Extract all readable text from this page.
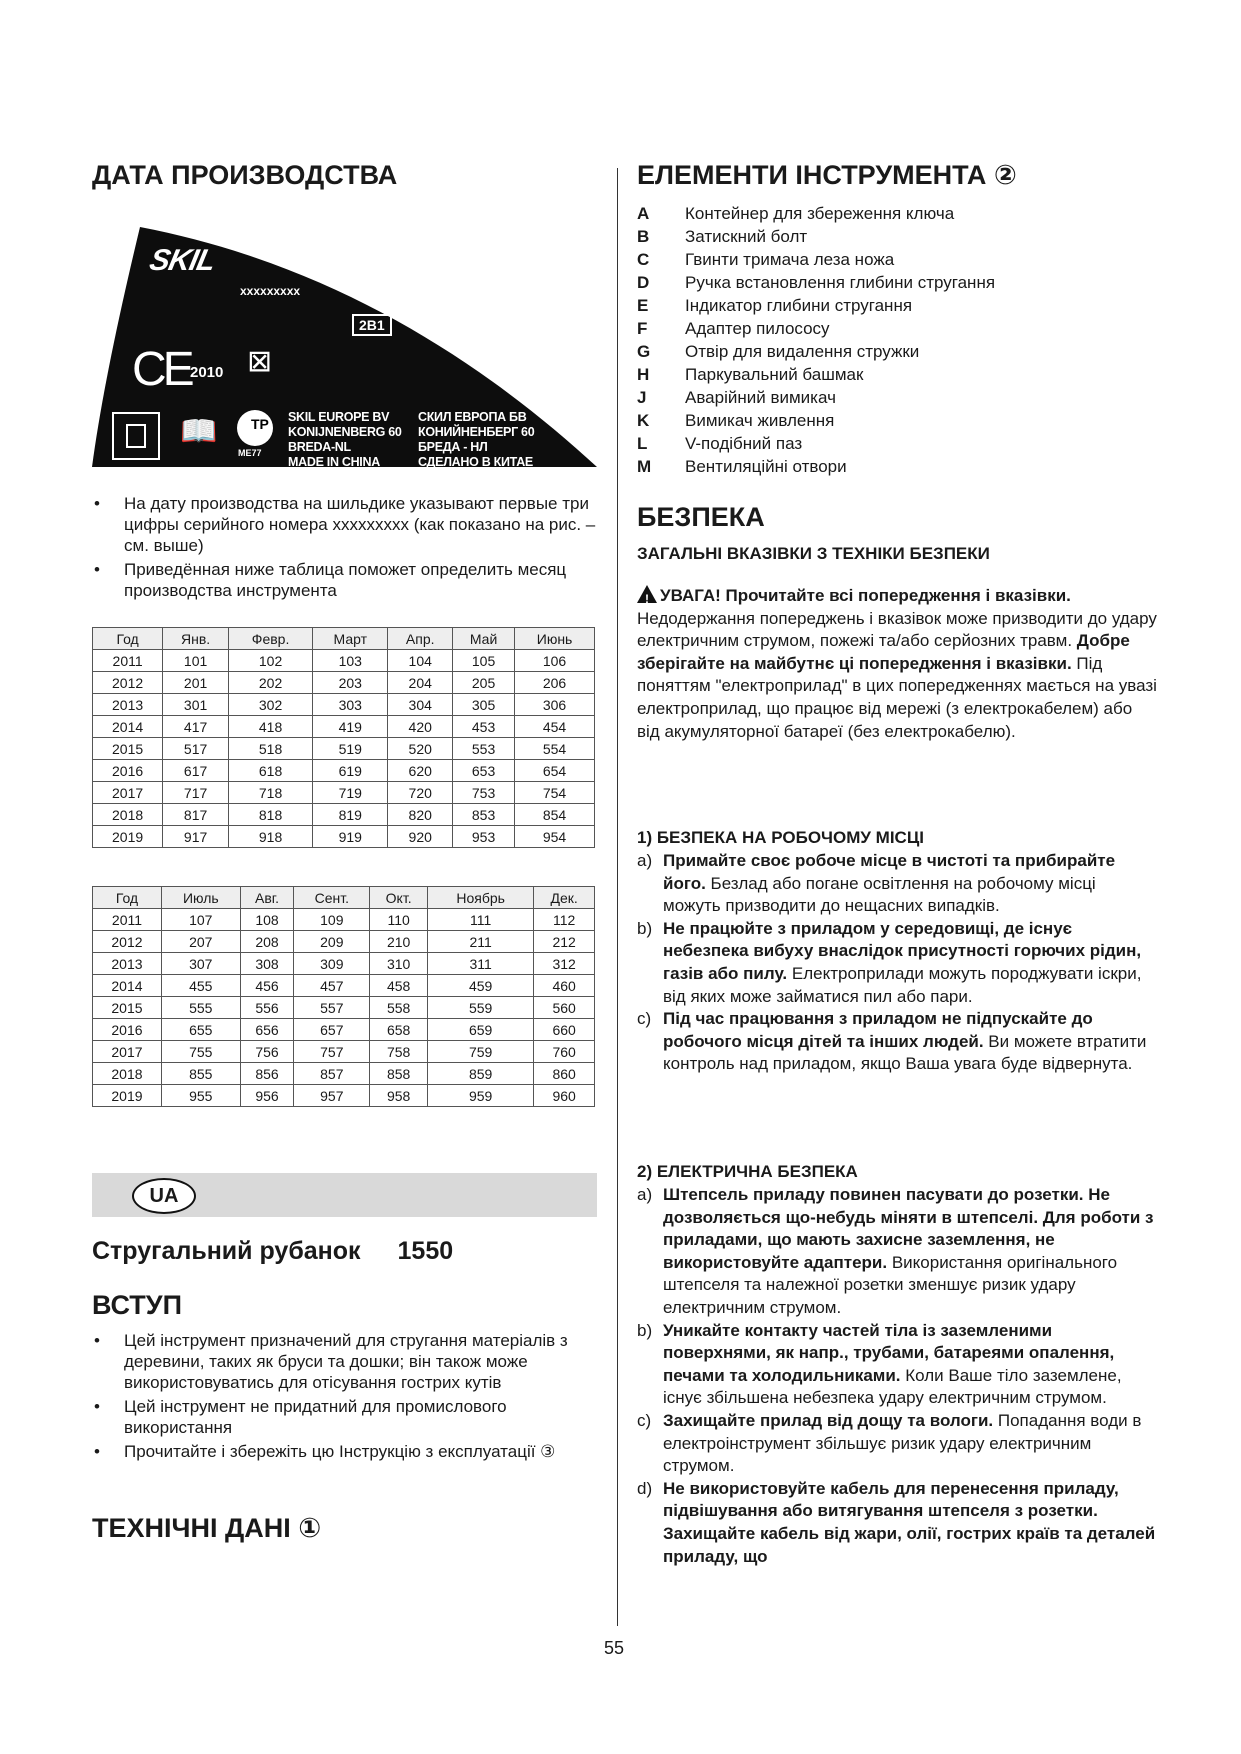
ДАТА ПРОИЗВОДСТВА
SKIL
xxxxxxxxx
2B1
CE 2010 ⊠
📖 ТР
МЕ77
SKIL EUROPE BV
KONIJNENBERG 60
BREDA-NL
MADE IN CHINA
СКИЛ ЕВРОПА БВ
КОНИЙНЕНБЕРГ 60
БРЕДА - НЛ
СДЕЛАНО В КИТАЕ
• На дату производства на шильдике указывают первые три цифры серийного номера xxxxxxxxx (как показано на рис. – см. выше)
• Приведённая ниже таблица поможет определить месяц производства инструмента
Год	Янв.	Февр.	Март	Апр.	Май	Июнь
2011	101	102	103	104	105	106
2012	201	202	203	204	205	206
2013	301	302	303	304	305	306
2014	417	418	419	420	453	454
2015	517	518	519	520	553	554
2016	617	618	619	620	653	654
2017	717	718	719	720	753	754
2018	817	818	819	820	853	854
2019	917	918	919	920	953	954
Год	Июль	Авг.	Сент.	Окт.	Ноябрь	Дек.
2011	107	108	109	110	111	112
2012	207	208	209	210	211	212
2013	307	308	309	310	311	312
2014	455	456	457	458	459	460
2015	555	556	557	558	559	560
2016	655	656	657	658	659	660
2017	755	756	757	758	759	760
2018	855	856	857	858	859	860
2019	955	956	957	958	959	960
UA
Стругальний рубанок 1550
ВСТУП
• Цей інструмент призначений для стругання матеріалів з деревини, таких як бруси та дошки; він також може використовуватись для отісування гострих кутів
• Цей інструмент не придатний для промислового використання
• Прочитайте і збережіть цю Інструкцію з експлуатації ③
ТЕХНІЧНІ ДАНІ ①
ЕЛЕМЕНТИ ІНСТРУМЕНТА ②
A	Контейнер для збереження ключа
B	Затискний болт
C	Гвинти тримача леза ножа
D	Ручка встановлення глибини стругання
E	Індикатор глибини стругання
F	Адаптер пилососу
G	Отвір для видалення стружки
H	Паркувальний башмак
J	Аварійний вимикач
K	Вимикач живлення
L	V-подібний паз
M	Вентиляційні отвори
БЕЗПЕКА
ЗАГАЛЬНІ ВКАЗІВКИ З ТЕХНІКИ БЕЗПЕКИ
! УВАГА! Прочитайте всі попередження і вказівки. Недодержання попереджень і вказівок може призводити до удару електричним струмом, пожежі та/або серйозних травм. Добре зберігайте на майбутнє ці попередження і вказівки. Під поняттям "електроприлад" в цих попередженнях мається на увазі електроприлад, що працює від мережі (з електрокабелем) або від акумуляторної батареї (без електрокабелю).
1) БЕЗПЕКА НА РОБОЧОМУ МІСЦІ
a) Примайте своє робоче місце в чистоті та прибирайте його. Безлад або погане освітлення на робочому місці можуть призводити до нещасних випадків.
b) Не працюйте з приладом у середовищі, де існує небезпека вибуху внаслідок присутності горючих рідин, газів або пилу. Електроприлади можуть породжувати іскри, від яких може займатися пил або пари.
c) Під час працювання з приладом не підпускайте до робочого місця дітей та інших людей. Ви можете втратити контроль над приладом, якщо Ваша увага буде відвернута.
2) ЕЛЕКТРИЧНА БЕЗПЕКА
a) Штепсель приладу повинен пасувати до розетки. Не дозволяється що-небудь міняти в штепселі. Для роботи з приладами, що мають захисне заземлення, не використовуйте адаптери. Використання оригінального штепселя та належної розетки зменшує ризик удару електричним струмом.
b) Уникайте контакту частей тіла із заземленими поверхнями, як напр., трубами, батареями опалення, печами та холодильниками. Коли Ваше тіло заземлене, існує збільшена небезпека удару електричним струмом.
c) Захищайте прилад від дощу та вологи. Попадання води в електроінструмент збільшує ризик удару електричним струмом.
d) Не використовуйте кабель для перенесення приладу, підвішування або витягування штепселя з розетки. Захищайте кабель від жари, олії, гострих країв та деталей приладу, що
55
